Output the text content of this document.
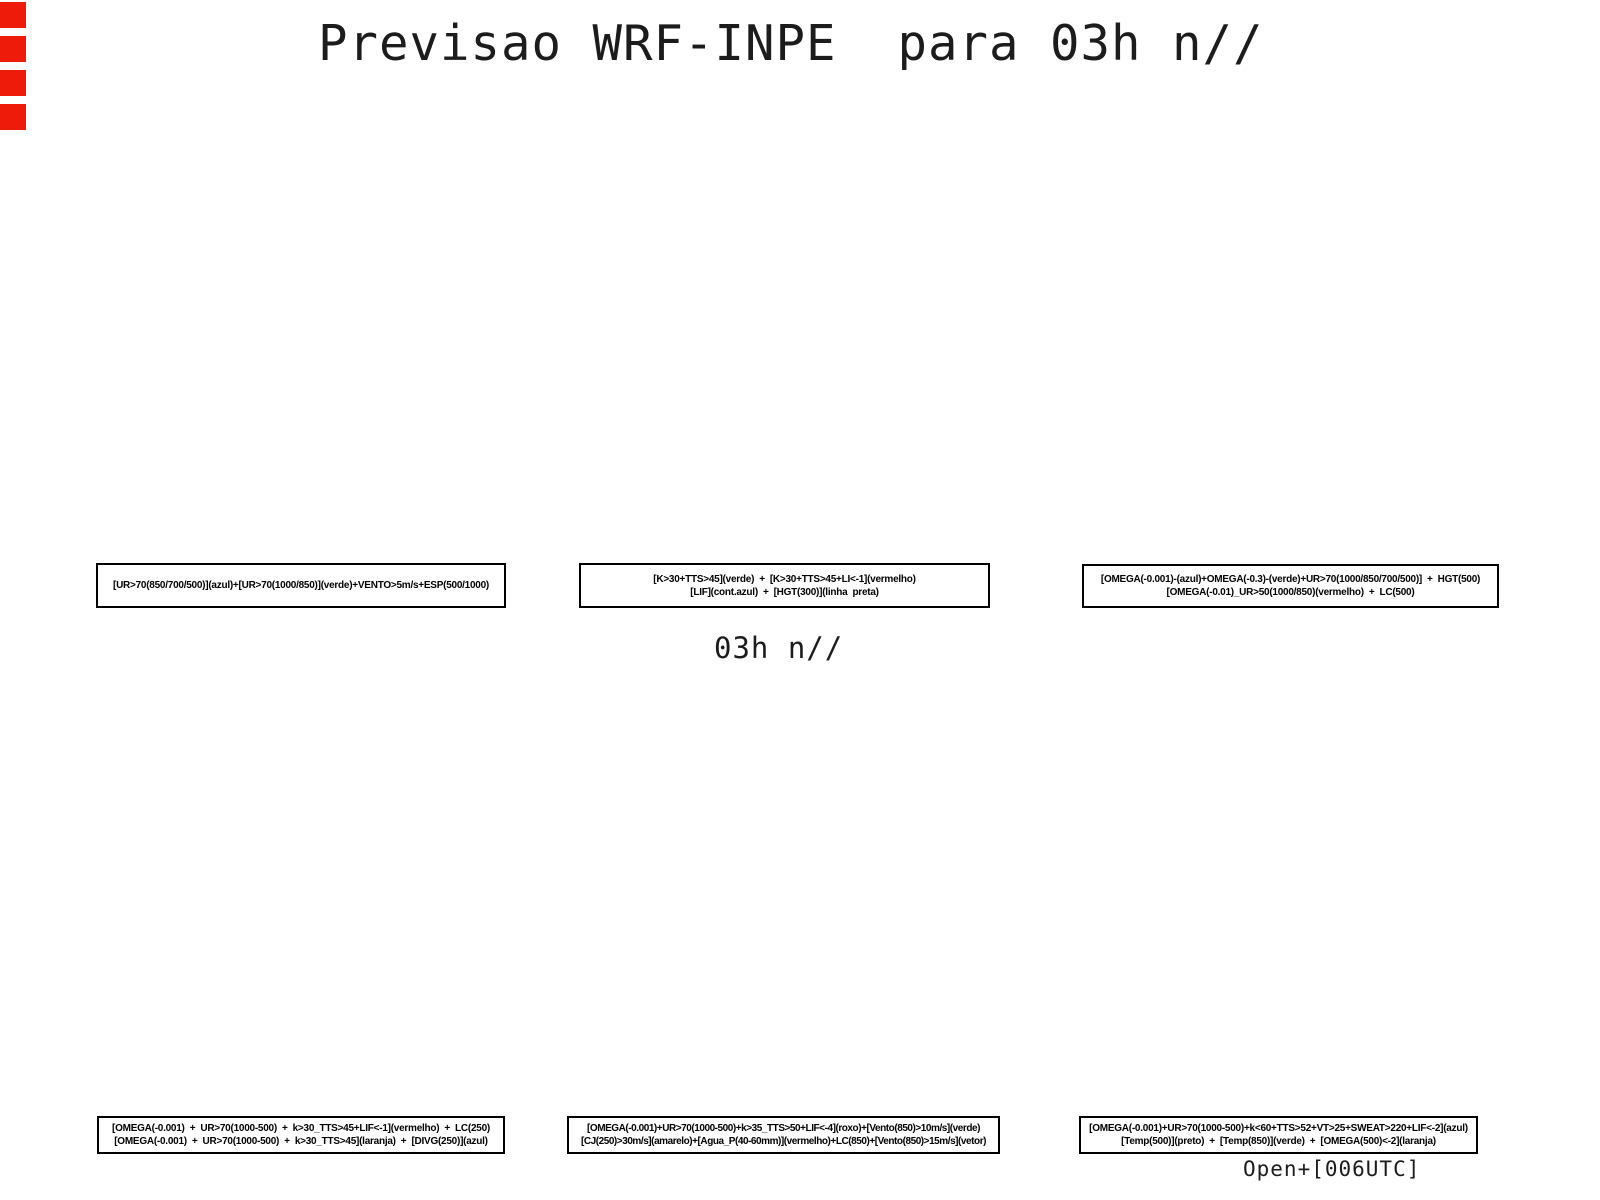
Previsao WRF-INPE  para 03h n//
[UR>70(850/700/500)](azul)+[UR>70(1000/850)](verde)+VENTO>5m/s+ESP(500/1000)
[K>30+TTS>45](verde)  +  [K>30+TTS>45+LI<-1](vermelho)
[LIF](cont.azul)  +  [HGT(300)](linha  preta)
[OMEGA(-0.001)-(azul)+OMEGA(-0.3)-(verde)+UR>70(1000/850/700/500)]  +  HGT(500)
[OMEGA(-0.01)_UR>50(1000/850)(vermelho)  +  LC(500)
03h n//
[OMEGA(-0.001)  +  UR>70(1000-500)  +  k>30_TTS>45+LIF<-1](vermelho)  +  LC(250)
[OMEGA(-0.001)  +  UR>70(1000-500)  +  k>30_TTS>45](laranja)  +  [DIVG(250)](azul)
[OMEGA(-0.001)+UR>70(1000-500)+k>35_TTS>50+LIF<-4](roxo)+[Vento(850)>10m/s](verde)
[CJ(250)>30m/s](amarelo)+[Agua_P(40-60mm)](vermelho)+LC(850)+[Vento(850)>15m/s](vetor)
[OMEGA(-0.001)+UR>70(1000-500)+k<60+TTS>52+VT>25+SWEAT>220+LIF<-2](azul)
[Temp(500)](preto)  +  [Temp(850)](verde)  +  [OMEGA(500)<-2](laranja)
Open+[006UTC]
